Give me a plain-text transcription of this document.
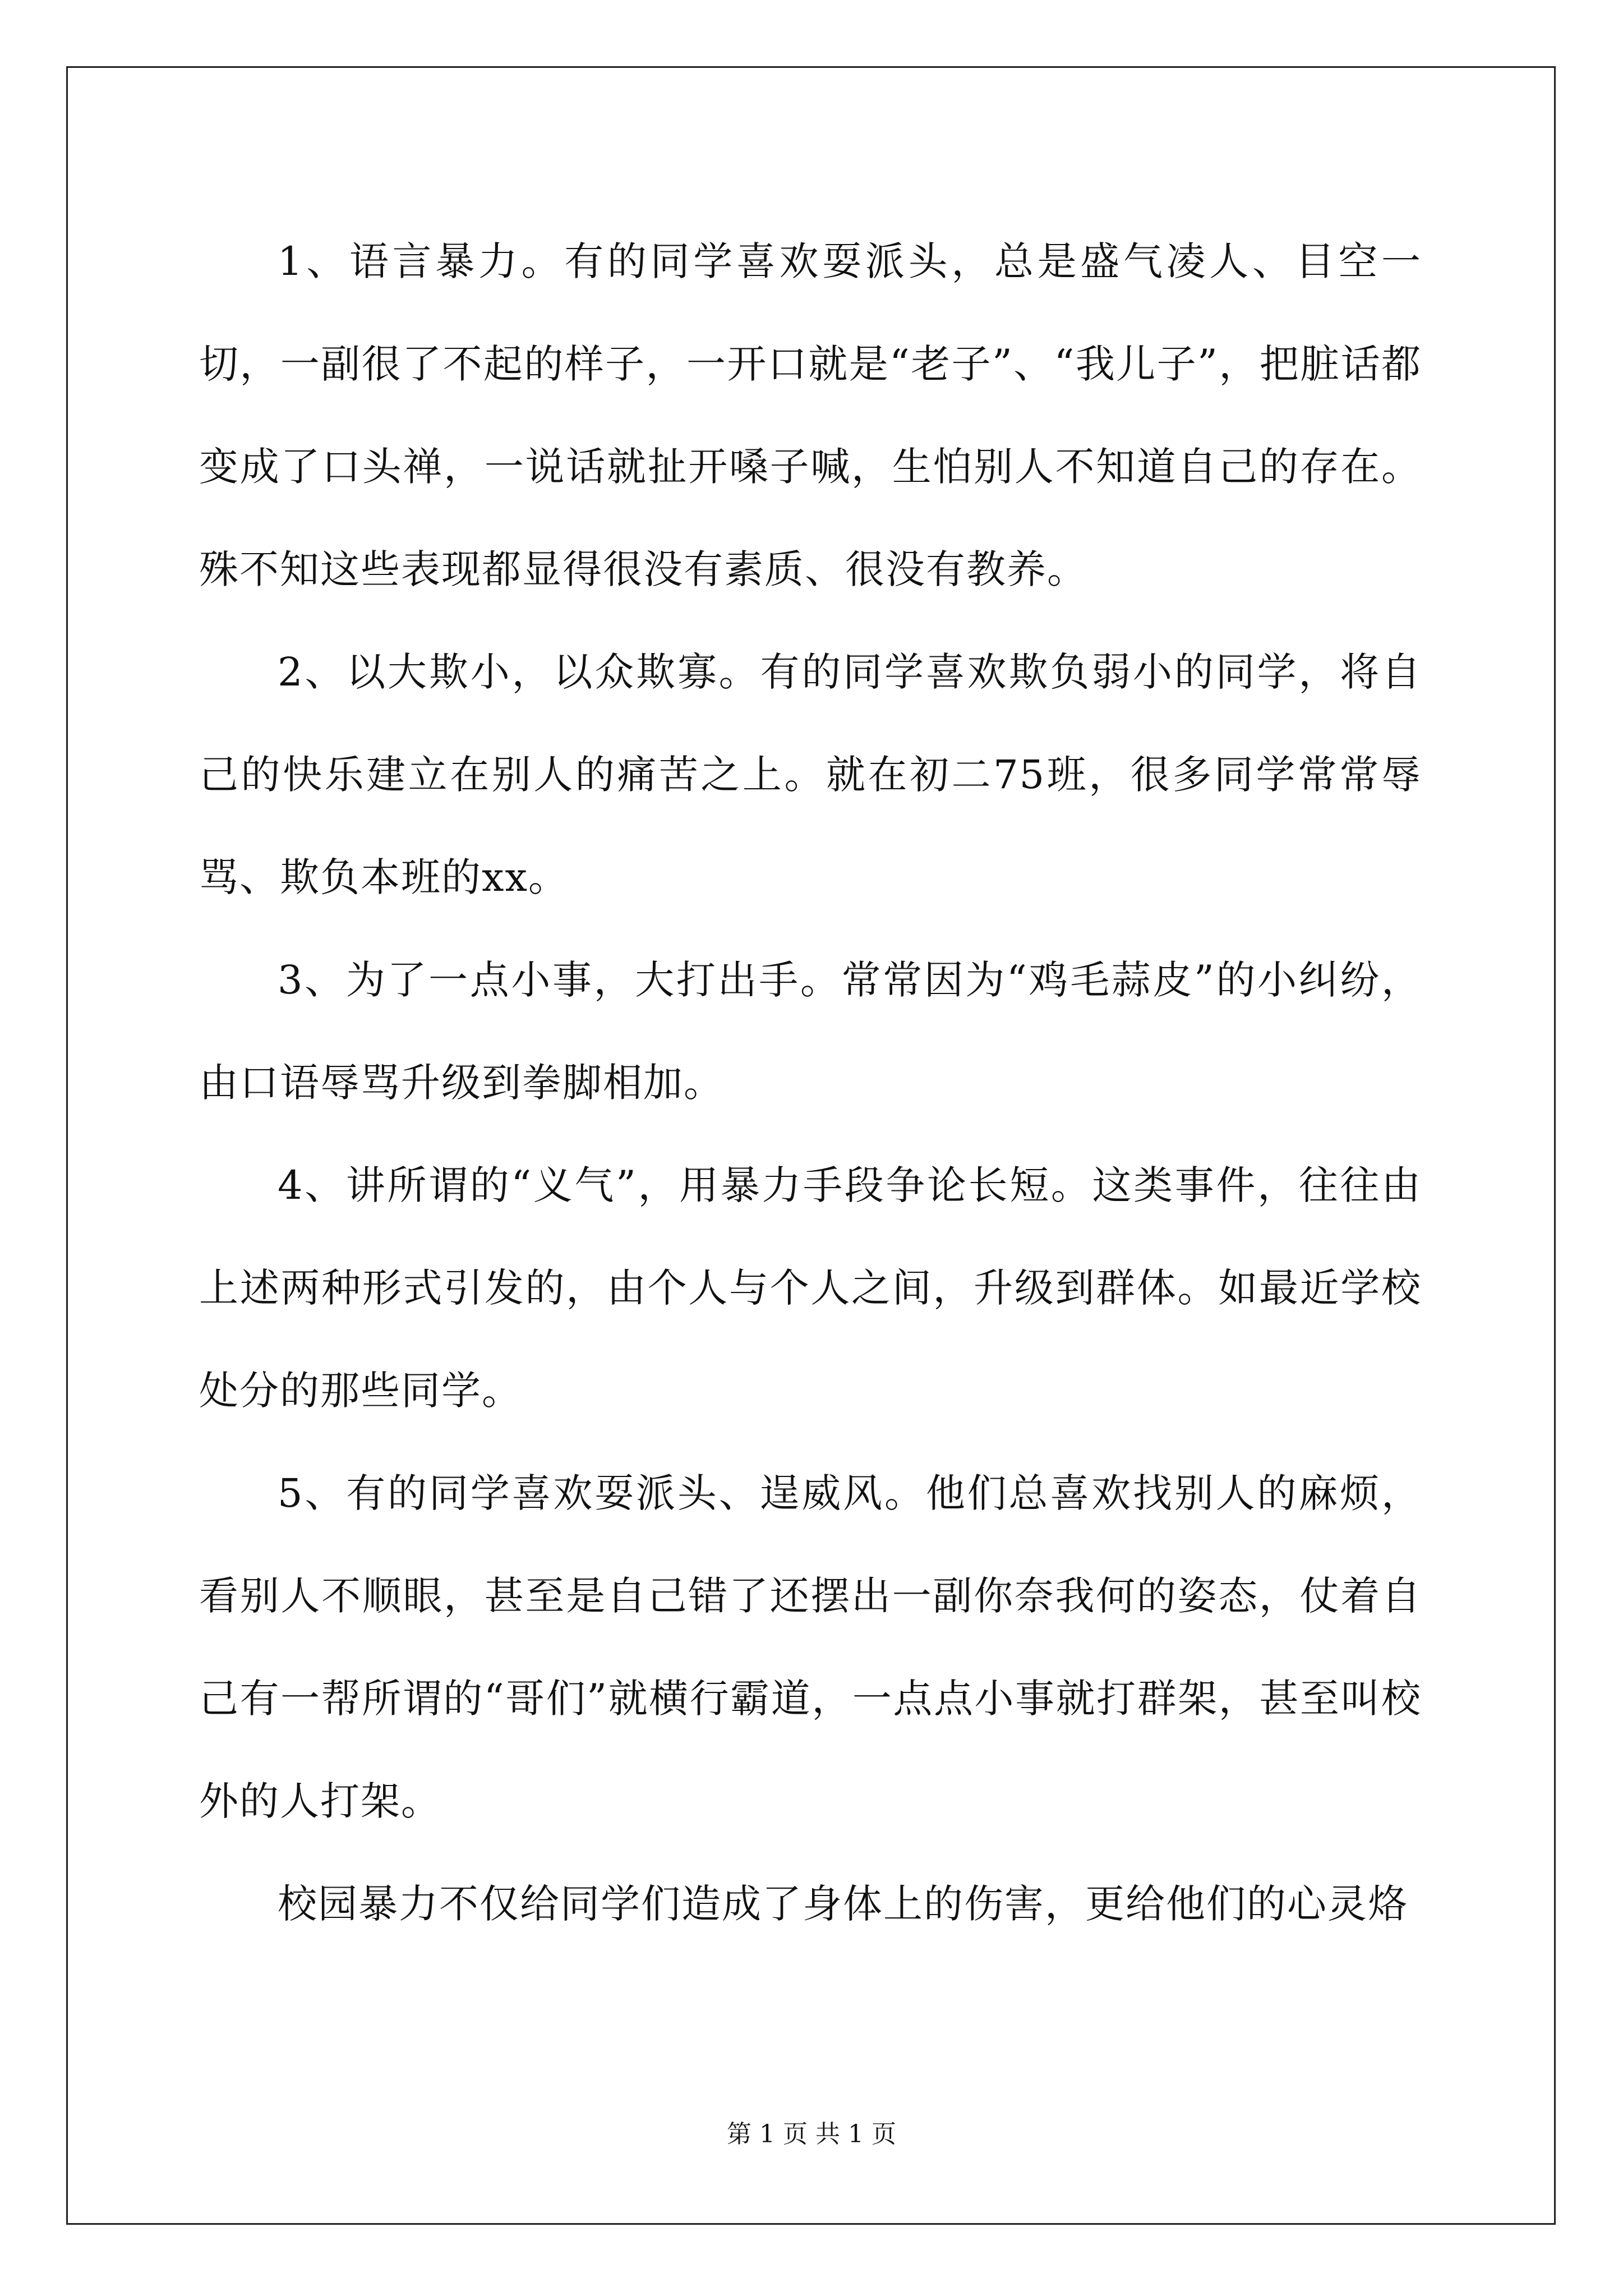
1、语言暴力。有的同学喜欢耍派头，总是盛气凌人、目空一切，一副很了不起的样子，一开口就是“老子”、“我儿子”，把脏话都变成了口头禅，一说话就扯开嗓子喊，生怕别人不知道自己的存在。殊不知这些表现都显得很没有素质、很没有教养。

2、以大欺小，以众欺寡。有的同学喜欢欺负弱小的同学，将自己的快乐建立在别人的痛苦之上。就在初二75班，很多同学常常辱骂、欺负本班的xx。

3、为了一点小事，大打出手。常常因为“鸡毛蒜皮”的小纠纷，由口语辱骂升级到拳脚相加。

4、讲所谓的“义气”，用暴力手段争论长短。这类事件，往往由上述两种形式引发的，由个人与个人之间，升级到群体。如最近学校处分的那些同学。

5、有的同学喜欢耍派头、逞威风。他们总喜欢找别人的麻烦，看别人不顺眼，甚至是自己错了还摆出一副你奈我何的姿态，仗着自己有一帮所谓的“哥们”就横行霸道，一点点小事就打群架，甚至叫校外的人打架。

校园暴力不仅给同学们造成了身体上的伤害，更给他们的心灵烙

第 1 页 共 1 页
